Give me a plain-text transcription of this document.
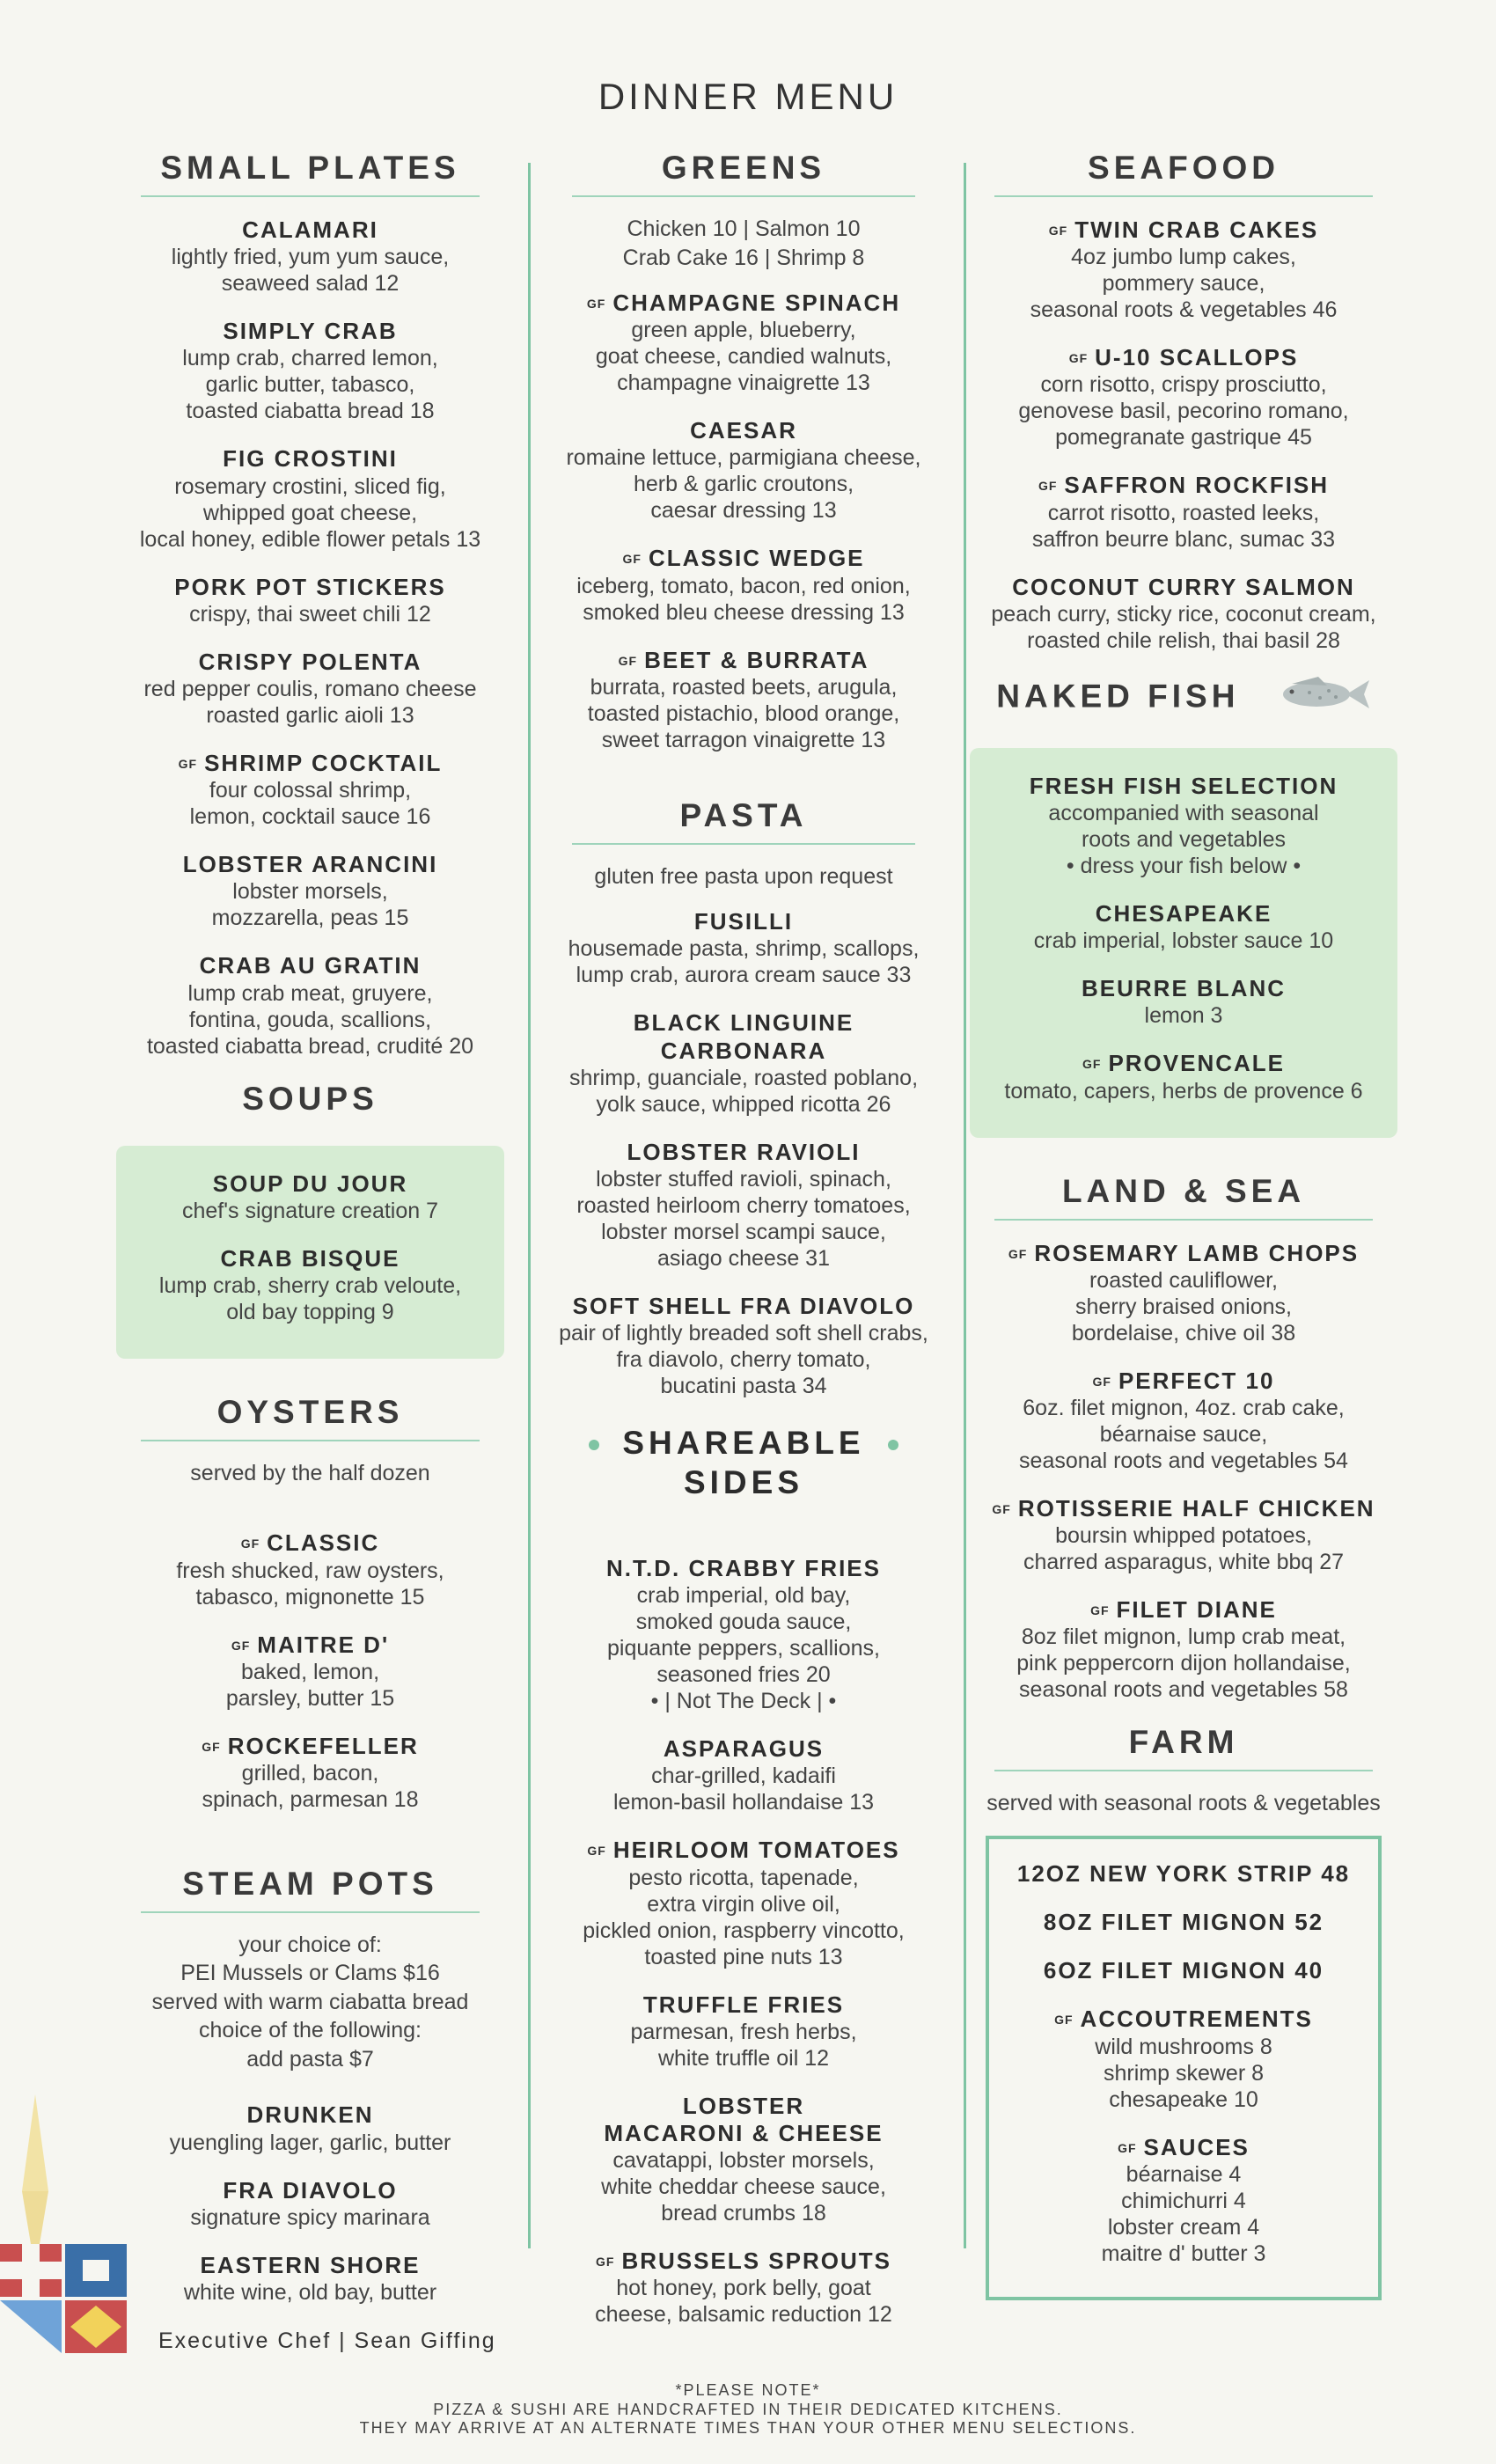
DINNER MENU
SMALL PLATES
CALAMARI
lightly fried, yum yum sauce,
seaweed salad 12
SIMPLY CRAB
lump crab, charred lemon,
garlic butter, tabasco,
toasted ciabatta bread 18
FIG CROSTINI
rosemary crostini, sliced fig,
whipped goat cheese,
local honey, edible flower petals 13
PORK POT STICKERS
crispy, thai sweet chili 12
CRISPY POLENTA
red pepper coulis, romano cheese
roasted garlic aioli 13
GF SHRIMP COCKTAIL
four colossal shrimp,
lemon, cocktail sauce 16
LOBSTER ARANCINI
lobster morsels,
mozzarella, peas 15
CRAB AU GRATIN
lump crab meat, gruyere,
fontina, gouda, scallions,
toasted ciabatta bread, crudité 20
SOUPS
SOUP DU JOUR
chef's signature creation 7
CRAB BISQUE
lump crab, sherry crab veloute,
old bay topping 9
OYSTERS
served by the half dozen
GF CLASSIC
fresh shucked, raw oysters,
tabasco, mignonette 15
GF MAITRE D'
baked, lemon,
parsley, butter 15
GF ROCKEFELLER
grilled, bacon,
spinach, parmesan 18
STEAM POTS
your choice of:
PEI Mussels or Clams $16
served with warm ciabatta bread
choice of the following:
add pasta $7
DRUNKEN
yuengling lager, garlic, butter
FRA DIAVOLO
signature spicy marinara
EASTERN SHORE
white wine, old bay, butter
GREENS
Chicken 10 | Salmon 10
Crab Cake 16 | Shrimp 8
GF CHAMPAGNE SPINACH
green apple, blueberry,
goat cheese, candied walnuts,
champagne vinaigrette 13
CAESAR
romaine lettuce, parmigiana cheese,
herb & garlic croutons,
caesar dressing 13
GF CLASSIC WEDGE
iceberg, tomato, bacon, red onion,
smoked bleu cheese dressing 13
GF BEET & BURRATA
burrata, roasted beets, arugula,
toasted pistachio, blood orange,
sweet tarragon vinaigrette 13
PASTA
gluten free pasta upon request
FUSILLI
housemade pasta, shrimp, scallops,
lump crab, aurora cream sauce 33
BLACK LINGUINE CARBONARA
shrimp, guanciale, roasted poblano,
yolk sauce, whipped ricotta 26
LOBSTER RAVIOLI
lobster stuffed ravioli, spinach,
roasted heirloom cherry tomatoes,
lobster morsel scampi sauce,
asiago cheese 31
SOFT SHELL FRA DIAVOLO
pair of lightly breaded soft shell crabs,
fra diavolo, cherry tomato,
bucatini pasta 34
SHAREABLE
SIDES
N.T.D. CRABBY FRIES
crab imperial, old bay,
smoked gouda sauce,
piquante peppers, scallions,
seasoned fries 20
• | Not The Deck | •
ASPARAGUS
char-grilled, kadaifi
lemon-basil hollandaise 13
GF HEIRLOOM TOMATOES
pesto ricotta, tapenade,
extra virgin olive oil,
pickled onion, raspberry vincotto,
toasted pine nuts 13
TRUFFLE FRIES
parmesan, fresh herbs,
white truffle oil 12
LOBSTER
MACARONI & CHEESE
cavatappi, lobster morsels,
white cheddar cheese sauce,
bread crumbs 18
GF BRUSSELS SPROUTS
hot honey, pork belly, goat
cheese, balsamic reduction 12
SEAFOOD
GF TWIN CRAB CAKES
4oz jumbo lump cakes,
pommery sauce,
seasonal roots & vegetables 46
GF U-10 SCALLOPS
corn risotto, crispy prosciutto,
genovese basil, pecorino romano,
pomegranate gastrique 45
GF SAFFRON ROCKFISH
carrot risotto, roasted leeks,
saffron beurre blanc, sumac 33
COCONUT CURRY SALMON
peach curry, sticky rice, coconut cream,
roasted chile relish, thai basil 28
NAKED FISH
FRESH FISH SELECTION
accompanied with seasonal
roots and vegetables
• dress your fish below •
CHESAPEAKE
crab imperial, lobster sauce 10
BEURRE BLANC
lemon 3
GF PROVENCALE
tomato, capers, herbs de provence 6
LAND & SEA
GF ROSEMARY LAMB CHOPS
roasted cauliflower,
sherry braised onions,
bordelaise, chive oil 38
GF PERFECT 10
6oz. filet mignon, 4oz. crab cake,
béarnaise sauce,
seasonal roots and vegetables 54
GF ROTISSERIE HALF CHICKEN
boursin whipped potatoes,
charred asparagus, white bbq 27
GF FILET DIANE
8oz filet mignon, lump crab meat,
pink peppercorn dijon hollandaise,
seasonal roots and vegetables 58
FARM
served with seasonal roots & vegetables
12OZ NEW YORK STRIP 48
8OZ FILET MIGNON 52
6OZ FILET MIGNON 40
GF ACCOUTREMENTS
wild mushrooms 8
shrimp skewer 8
chesapeake 10
GF SAUCES
béarnaise 4
chimichurri 4
lobster cream 4
maitre d' butter 3
Executive Chef | Sean Giffing
*PLEASE NOTE*
PIZZA & SUSHI ARE HANDCRAFTED IN THEIR DEDICATED KITCHENS.
THEY MAY ARRIVE AT AN ALTERNATE TIMES THAN YOUR OTHER MENU SELECTIONS.
